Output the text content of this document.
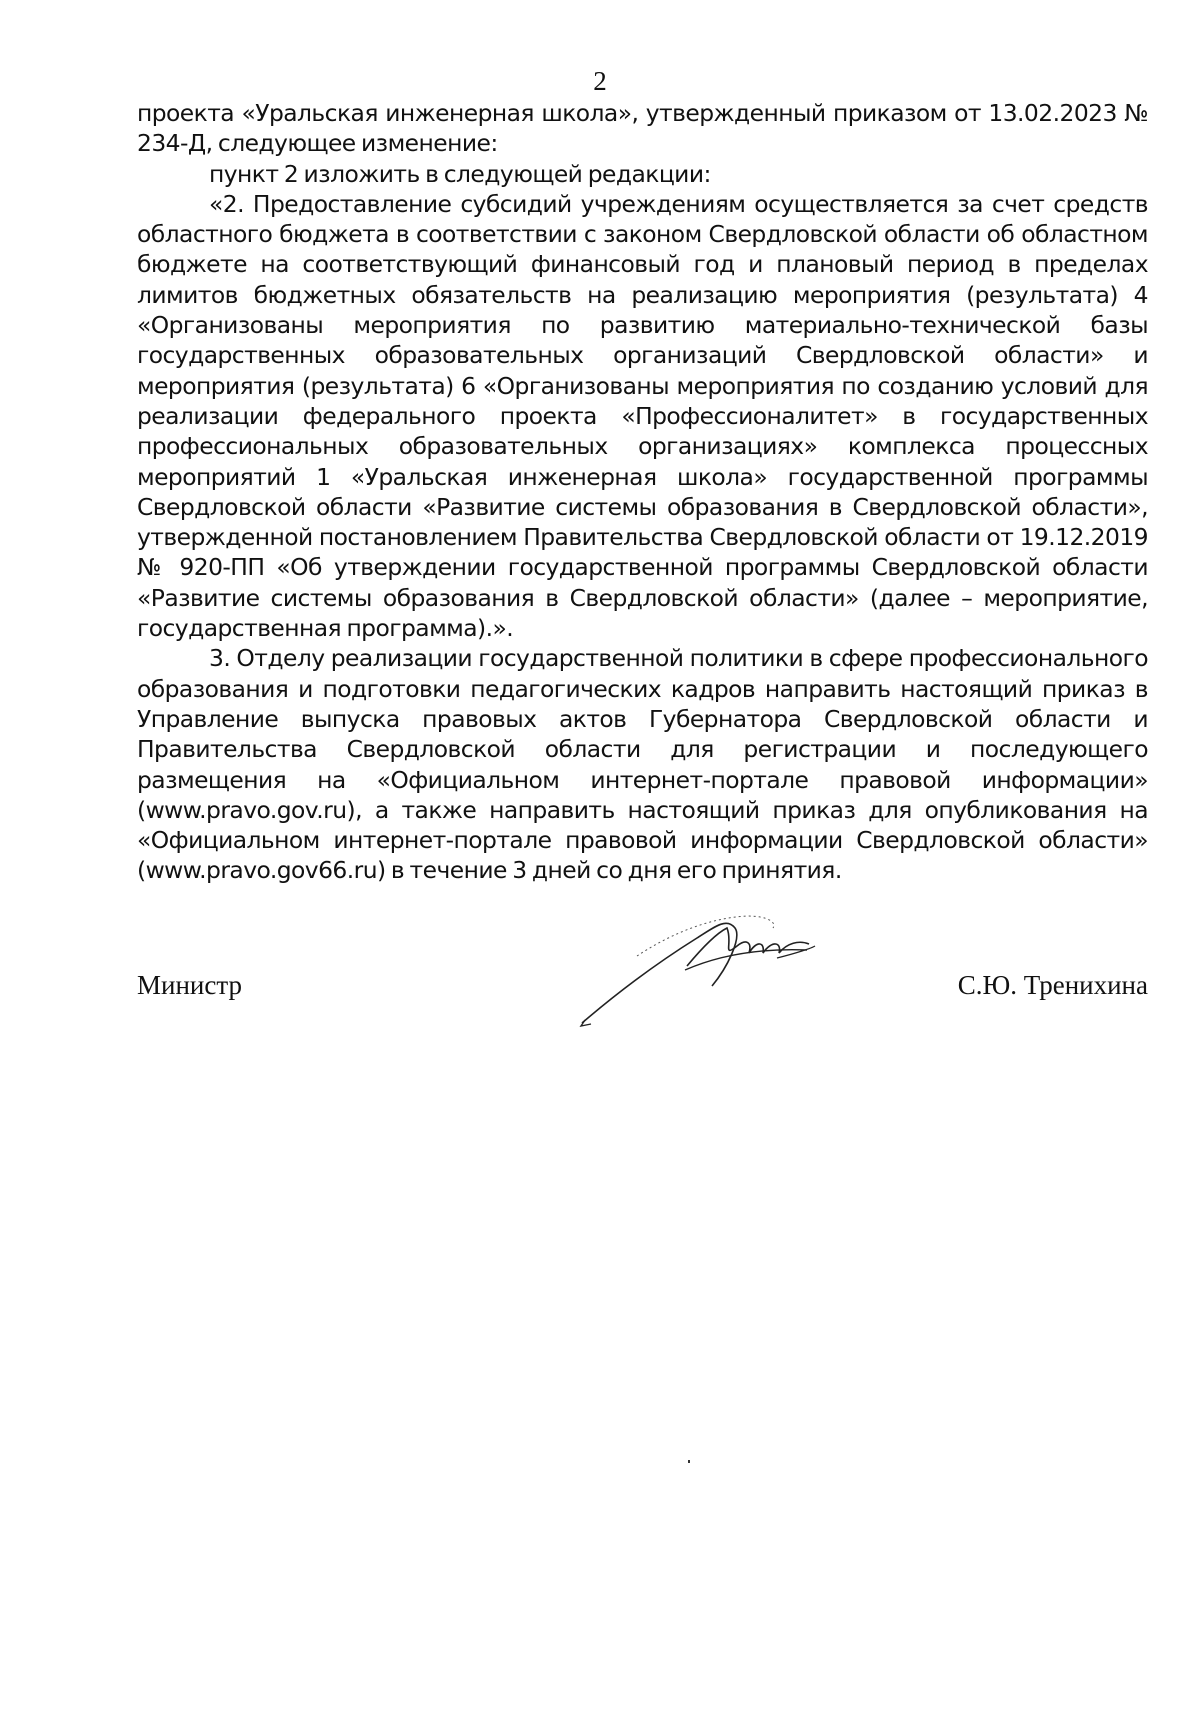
2

проекта «Уральская инженерная школа», утвержденный приказом от 13.02.2023 № 234-Д, следующее изменение:

пункт 2 изложить в следующей редакции:

«2. Предоставление субсидий учреждениям осуществляется за счет средств областного бюджета в соответствии с законом Свердловской области об областном бюджете на соответствующий финансовый год и плановый период в пределах лимитов бюджетных обязательств на реализацию мероприятия (результата) 4 «Организованы мероприятия по развитию материально-технической базы государственных образовательных организаций Свердловской области» и мероприятия (результата) 6 «Организованы мероприятия по созданию условий для реализации федерального проекта «Профессионалитет» в государственных профессиональных образовательных организациях» комплекса процессных мероприятий 1 «Уральская инженерная школа» государственной программы Свердловской области «Развитие системы образования в Свердловской области», утвержденной постановлением Правительства Свердловской области от 19.12.2019 № 920-ПП «Об утверждении государственной программы Свердловской области «Развитие системы образования в Свердловской области» (далее – мероприятие, государственная программа).».

3. Отделу реализации государственной политики в сфере профессионального образования и подготовки педагогических кадров направить настоящий приказ в Управление выпуска правовых актов Губернатора Свердловской области и Правительства Свердловской области для регистрации и последующего размещения на «Официальном интернет-портале правовой информации» (www.pravo.gov.ru), а также направить настоящий приказ для опубликования на «Официальном интернет-портале правовой информации Свердловской области» (www.pravo.gov66.ru) в течение 3 дней со дня его принятия.

Министр	С.Ю. Тренихина
